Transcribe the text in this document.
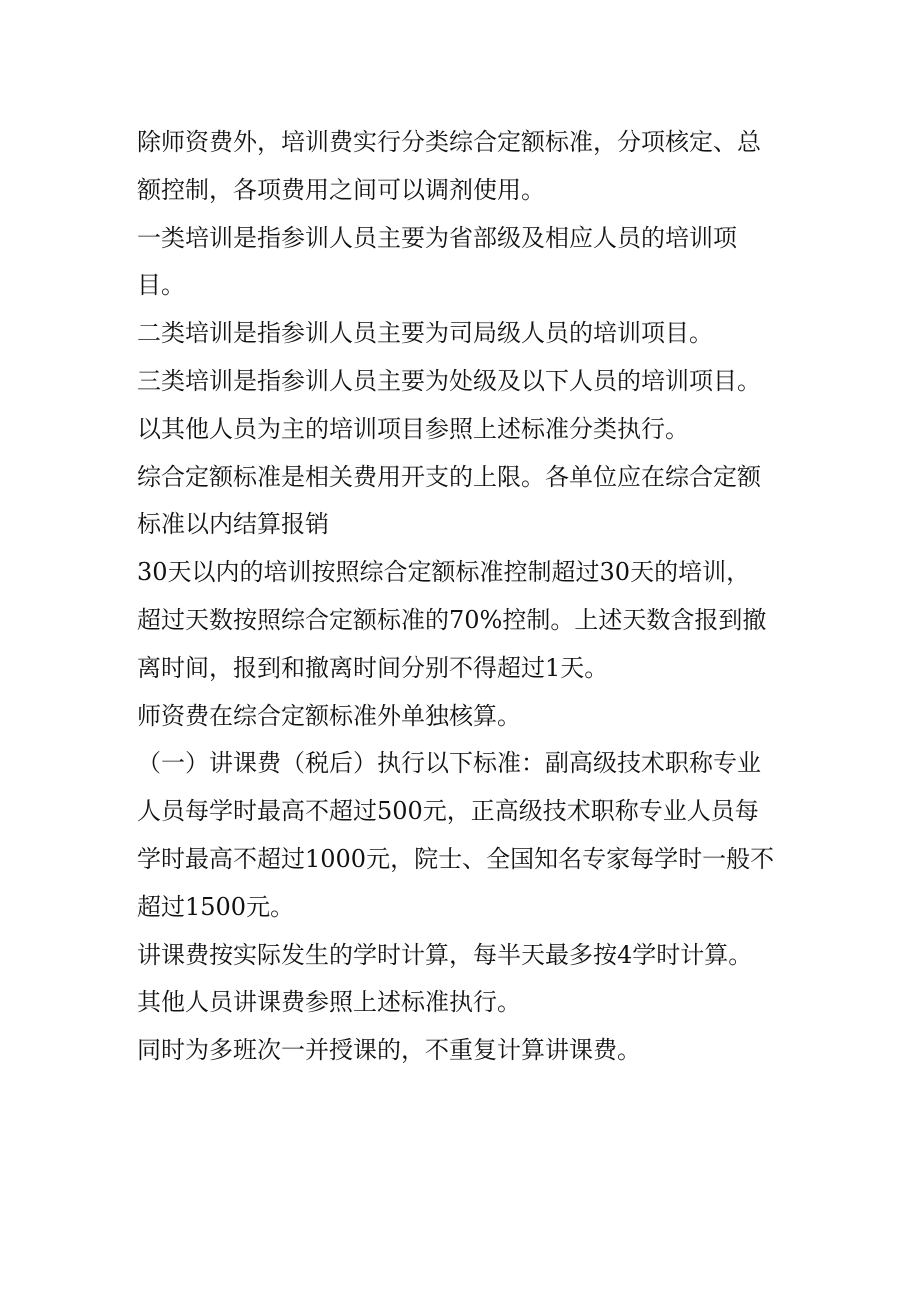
除师资费外，培训费实行分类综合定额标准，分项核定、总
额控制，各项费用之间可以调剂使用。
一类培训是指参训人员主要为省部级及相应人员的培训项
目。
二类培训是指参训人员主要为司局级人员的培训项目。
三类培训是指参训人员主要为处级及以下人员的培训项目。
以其他人员为主的培训项目参照上述标准分类执行。
综合定额标准是相关费用开支的上限。各单位应在综合定额
标准以内结算报销
30天以内的培训按照综合定额标准控制超过30天的培训，
超过天数按照综合定额标准的70%控制。上述天数含报到撤
离时间，报到和撤离时间分别不得超过1天。
师资费在综合定额标准外单独核算。
（一）讲课费（税后）执行以下标准：副高级技术职称专业
人员每学时最高不超过500元，正高级技术职称专业人员每
学时最高不超过1000元，院士、全国知名专家每学时一般不
超过1500元。
讲课费按实际发生的学时计算，每半天最多按4学时计算。
其他人员讲课费参照上述标准执行。
同时为多班次一并授课的，不重复计算讲课费。
